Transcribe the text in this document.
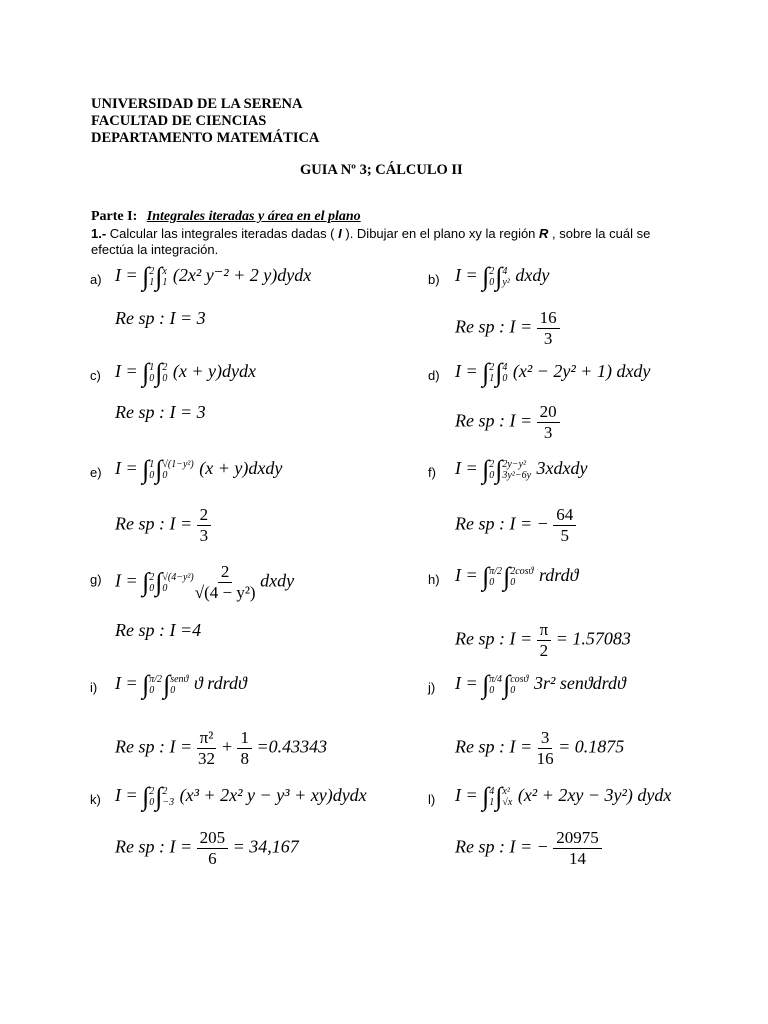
UNIVERSIDAD DE LA SERENA
FACULTAD DE CIENCIAS
DEPARTAMENTO MATEMÁTICA
GUIA Nº 3; CÁLCULO II
Parte I: Integrales iteradas y área en el plano
1.- Calcular las integrales iteradas dadas ( I ). Dibujar en el plano xy la región R , sobre la cuál se efectúa la integración.
a) I = ∫ 2
1 ∫ x
1 (2x² y⁻² + 2 y)dydx
Re sp : I = 3
b) I = ∫ 2
0 ∫ 4
y² dxdy
Re sp : $I = \frac{16}{3}$
c) I = ∫ 1
0 ∫ 2
0 (x + y)dydx
Re sp : I = 3
d) I = ∫ 2
1 ∫ 4
0 (x² − 2y² + 1) dxdy
Re sp : $I = \frac{20}{3}$
e) I = ∫ 1
0 ∫ √(1−y²)
0	(x + y)dxdy
Re sp : $I = \frac{2}{3}$
f) I = ∫ 2
0 ∫ 2y−y²
3y²−6y 3xdxdy
Re sp : I = − $\frac{64}{5}$
g) I = ∫ 2
0 ∫ √(4−y²)
0	$\frac{2}{\text{√(4 − y²)}}$ dxdy
Re sp : I =4
h) I = ∫ π/2
0 ∫ 2cosϑ
0	rdrdϑ
Re sp : $I = \frac{\pi}{2} = 1.57083$
i) I = ∫ π/2
0 ∫ senϑ
0 ϑ rdrdϑ
Re sp : $I = \frac{\text{π²}}{32} + \frac{1}{8} =0.43343$
j) I = ∫ π/4
0 ∫ cosϑ
0 3r² senϑdrdϑ
Re sp : $I = \frac{3}{16} = 0.1875$
k) I = ∫ 2
0 ∫ 2
−3 (x³ + 2x² y − y³ + xy)dydx
Re sp : $I = \frac{205}{6} = 34,167$
l) I = ∫ 4
1 ∫ x²
√x (x² + 2xy − 3y²) dydx
Re sp : I = − $\frac{20975}{14}$
